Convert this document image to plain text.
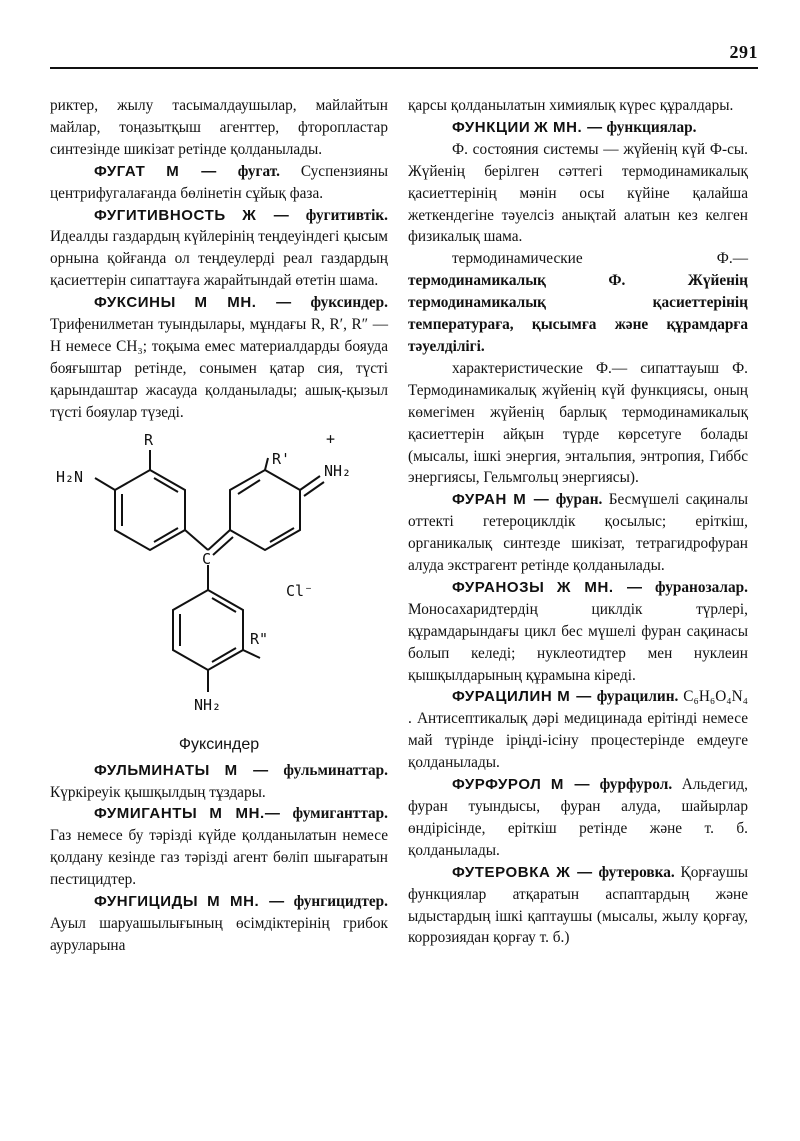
291

риктер, жылу тасымалдаушылар, майлайтын майлар, тоңазытқыш агенттер, фторопластар синтезінде шикізат ретінде қолданылады.

ФУГАТ М — фугат. Суспензияны центрифугалағанда бөлінетін сұйық фаза.

ФУГИТИВНОСТЬ Ж — фугитивтік. Идеалды газдардың күйлерінің теңдеуіндегі қысым орнына қойғанда ол теңдеулерді реал газдардың қасиеттерін сипаттауға жарайтындай өтетін шама.

ФУКСИНЫ М МН. — фуксиндер. Трифенилметан туындылары, мұндағы R, R′, R″ — H немесе CH₃; тоқыма емес материалдарды бояуда бояғыштар ретінде, сонымен қатар сия, түсті қарындаштар жасауда қолданылады; ашық-қызыл түсті бояулар түзеді.

R
H₂N
R'
+
NH₂
C
Cl⁻
R"
NH₂
Фуксиндер

ФУЛЬМИНАТЫ М — фульминаттар. Күркіреуік қышқылдың тұздары.

ФУМИГАНТЫ М МН.— фумиганттар. Газ немесе бу тәрізді күйде қолданылатын немесе қолдану кезінде газ тәрізді агент бөліп шығаратын пестицидтер.

ФУНГИЦИДЫ М МН. — фунгицидтер. Ауыл шаруашылығының өсімдіктерінің грибок ауруларына

қарсы қолданылатын химиялық күрес құралдары.

ФУНКЦИИ Ж МН. — функциялар.

Ф. состояния системы — жүйенің күй Ф-сы. Жүйенің берілген сәттегі термодинамикалық қасиеттерінің мәнін осы күйіне қалайша жеткендегіне тәуелсіз анықтай алатын кез келген физикалық шама.

термодинамические Ф.— термодинамикалық Ф.	Жүйенің термодинамикалық қасиеттерінің температураға, қысымға және құрамдарға тәуелділігі.

характеристические Ф.— сипаттауыш Ф. Термодинамикалық жүйенің күй функциясы, оның көмегімен жүйенің барлық термодинамикалық қасиеттерін айқын түрде көрсетуге болады (мысалы, ішкі энергия, энтальпия, энтропия, Гиббс энергиясы, Гельмгольц энергиясы).

ФУРАН М — фуран. Бесмүшелі сақиналы оттекті гетероциклдік қосылыс; еріткіш, органикалық синтезде шикізат, тетрагидрофуран алуда экстрагент ретінде қолданылады.

ФУРАНОЗЫ Ж МН. — фуранозалар. Моносахаридтердің циклдік түрлері, құрамдарындағы цикл бес мүшелі фуран сақинасы болып келеді; нуклеотидтер мен нуклеин қышқылдарының құрамына кіреді.

ФУРАЦИЛИН М — фурацилин. C₆H₆O₄N₄ . Антисептикалық дәрі медицинада ерітінді немесе май түрінде іріңді-ісіну процестерінде емдеуге қолданылады.

ФУРФУРОЛ М — фурфурол. Альдегид, фуран туындысы, фуран алуда, шайырлар өндірісінде, еріткіш ретінде және т. б. қолданылады.

ФУТЕРОВКА Ж — футеровка. Қорғаушы функциялар атқаратын аспаптардың және ыдыстардың ішкі қаптаушы (мысалы, жылу қорғау, коррозиядан қорғау т. б.)
